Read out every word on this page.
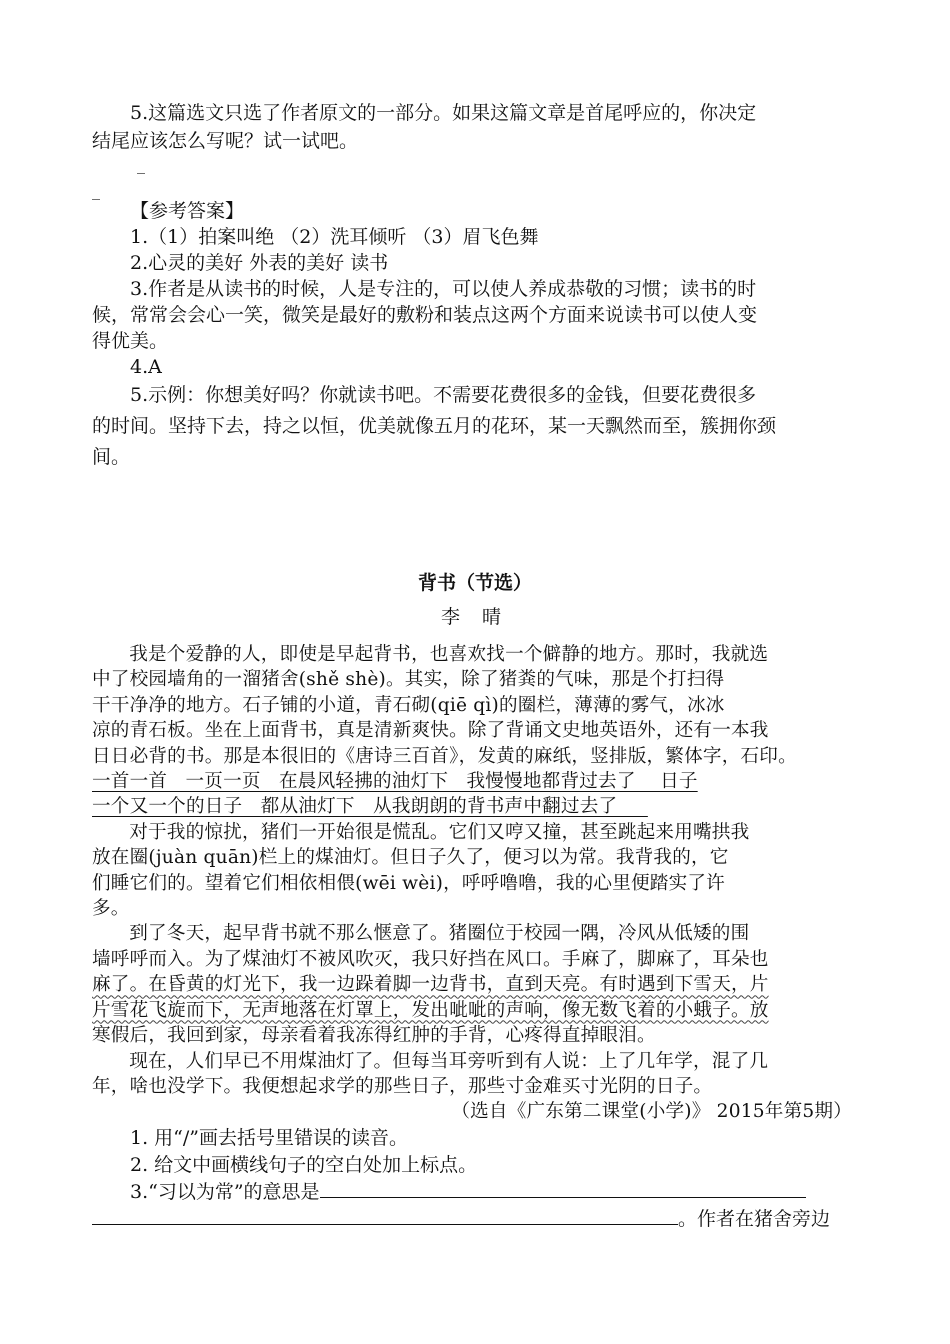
5.这篇选文只选了作者原文的一部分。如果这篇文章是首尾呼应的，你决定
结尾应该怎么写呢？试一试吧。
_
_
【参考答案】
1.（1）拍案叫绝 （2）洗耳倾听 （3）眉飞色舞
2.心灵的美好 外表的美好 读书
3.作者是从读书的时候，人是专注的，可以使人养成恭敬的习惯；读书的时
候，常常会会心一笑，微笑是最好的敷粉和装点这两个方面来说读书可以使人变
得优美。
4.A
5.示例：你想美好吗？你就读书吧。不需要花费很多的金钱，但要花费很多
的时间。坚持下去，持之以恒，优美就像五月的花环，某一天飘然而至，簇拥你颈
间。
背书（节选）
李 晴
我是个爱静的人，即使是早起背书，也喜欢找一个僻静的地方。那时，我就选
中了校园墙角的一溜猪舍(shě shè)。其实，除了猪粪的气味，那是个打扫得
干干净净的地方。石子铺的小道，青石砌(qiē qì)的圈栏，薄薄的雾气，冰冰
凉的青石板。坐在上面背书，真是清新爽快。除了背诵文史地英语外，还有一本我
日日必背的书。那是本很旧的《唐诗三百首》，发黄的麻纸，竖排版，繁体字，石印。
一首一首   一页一页   在晨风轻拂的油灯下   我慢慢地都背过去了    日子
一个又一个的日子   都从油灯下   从我朗朗的背书声中翻过去了
对于我的惊扰，猪们一开始很是慌乱。它们又哼又撞，甚至跳起来用嘴拱我
放在圈(juàn quān)栏上的煤油灯。但日子久了，便习以为常。我背我的，它
们睡它们的。望着它们相依相偎(wēi wèi)，呼呼噜噜，我的心里便踏实了许
多。
到了冬天，起早背书就不那么惬意了。猪圈位于校园一隅，冷风从低矮的围
墙呼呼而入。为了煤油灯不被风吹灭，我只好挡在风口。手麻了，脚麻了，耳朵也
麻了。在昏黄的灯光下，我一边跺着脚一边背书，直到天亮。有时遇到下雪天，片
片雪花飞旋而下，无声地落在灯罩上，发出呲呲的声响，像无数飞着的小蛾子。放
寒假后，我回到家，母亲看着我冻得红肿的手背，心疼得直掉眼泪。
现在，人们早已不用煤油灯了。但每当耳旁听到有人说：上了几年学，混了几
年，啥也没学下。我便想起求学的那些日子，那些寸金难买寸光阴的日子。
（选自《广东第二课堂(小学)》 2015年第5期）
1. 用“/”画去括号里错误的读音。
2. 给文中画横线句子的空白处加上标点。
3.“习以为常”的意思是
。作者在猪舍旁边
